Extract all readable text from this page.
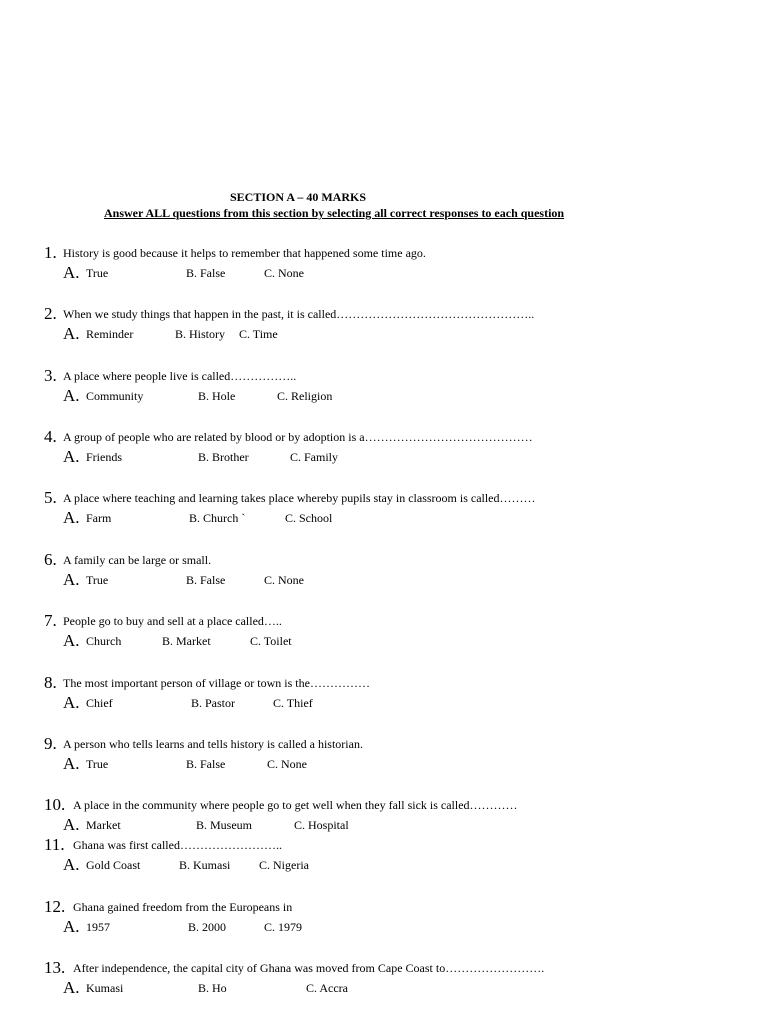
SECTION A – 40 MARKS
Answer ALL questions from this section by selecting all correct responses to each question
1. History is good because it helps to remember that happened some time ago.
A. True	B. False	C. None
2. When we study things that happen in the past, it is called…………………………………………..
A. Reminder	B. History C. Time
3. A place where people live is called……………..
A. Community	B. Hole	C. Religion
4. A group of people who are related by blood or by adoption is a……………………………………
A. Friends	B. Brother	C. Family
5. A place where teaching and learning takes place whereby pupils stay in classroom is called………
A. Farm	B. Church `	C. School
6. A family can be large or small.
A. True	B. False	C. None
7. People go to buy and sell at a place called…..
A. Church	B. Market	C. Toilet
8. The most important person of village or town is the……………
A. Chief	B. Pastor	C. Thief
9. A person who tells learns and tells history is called a historian.
A. True	B. False	C. None
10. A place in the community where people go to get well when they fall sick is called…………
A. Market	B. Museum	C. Hospital
11. Ghana was first called……………………..
A. Gold Coast	B. Kumasi C. Nigeria
12. Ghana gained freedom from the Europeans in
A. 1957	B. 2000	C. 1979
13. After independence, the capital city of Ghana was moved from Cape Coast to…………………….
A. Kumasi	B. Ho	C. Accra
